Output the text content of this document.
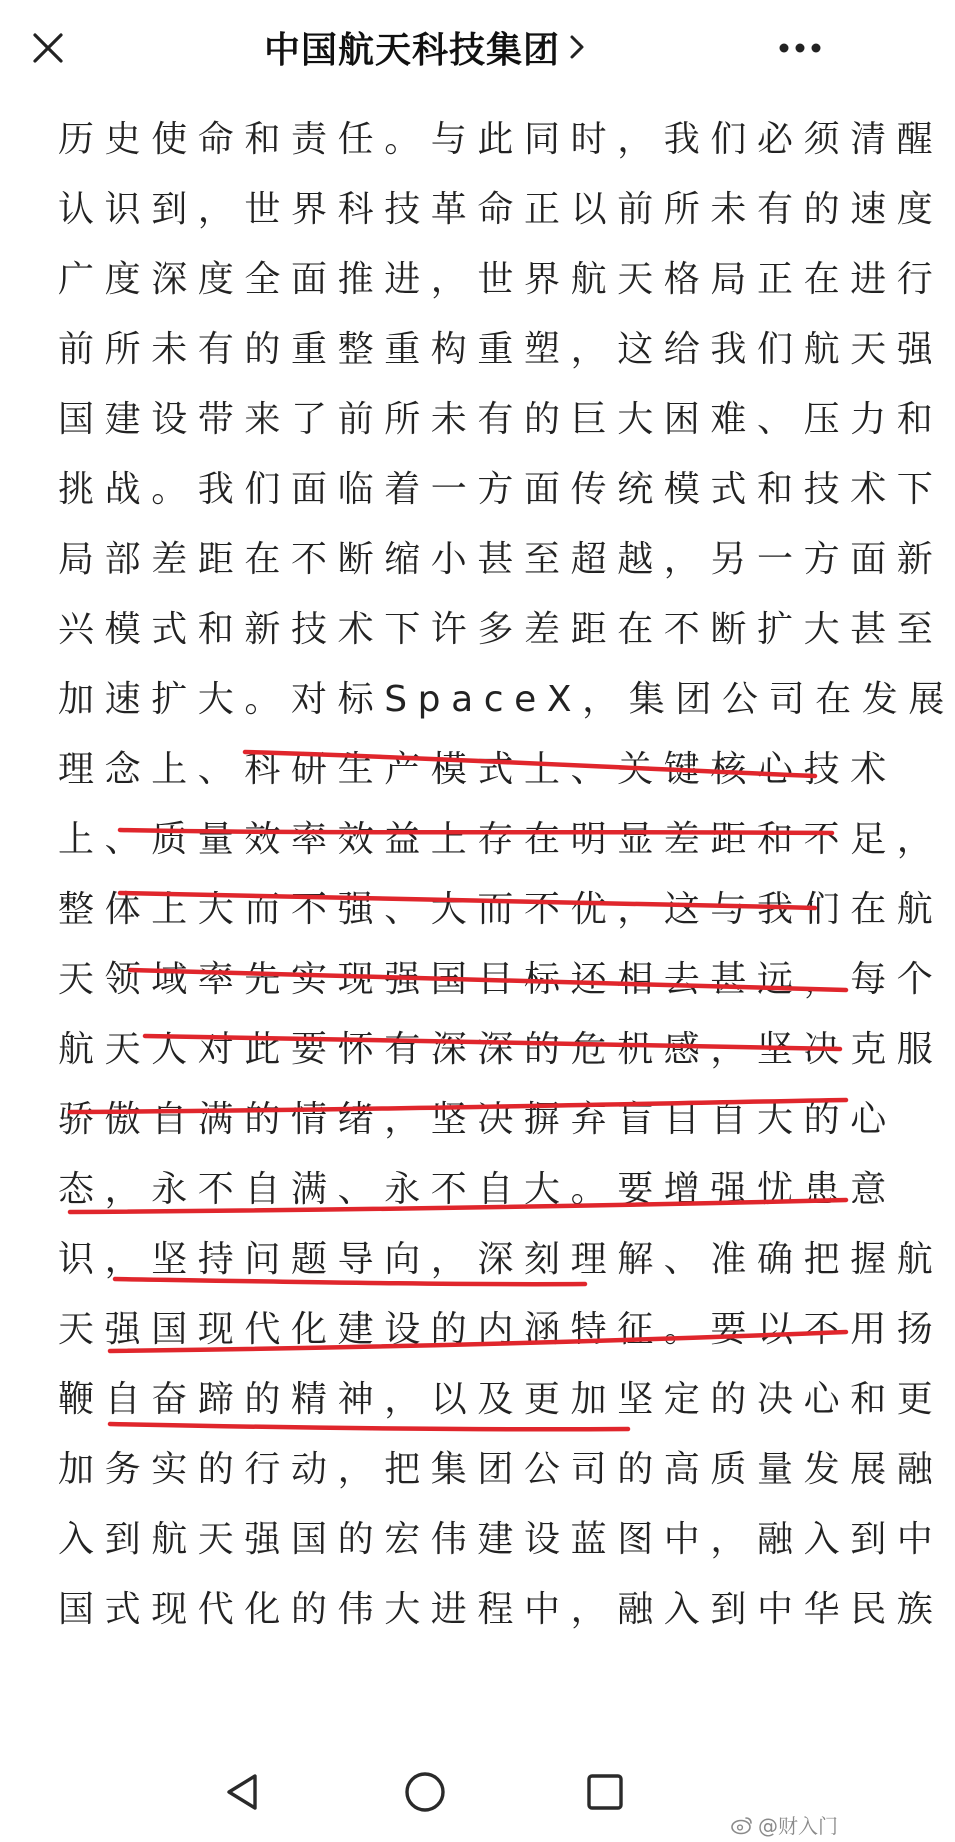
中国航天科技集团
历史使命和责任。与此同时，我们必须清醒
认识到，世界科技革命正以前所未有的速度
广度深度全面推进，世界航天格局正在进行
前所未有的重整重构重塑，这给我们航天强
国建设带来了前所未有的巨大困难、压力和
挑战。我们面临着一方面传统模式和技术下
局部差距在不断缩小甚至超越，另一方面新
兴模式和新技术下许多差距在不断扩大甚至
加速扩大。对标SpaceX，集团公司在发展
理念上、科研生产模式上、关键核心技术
上、质量效率效益上存在明显差距和不足，
整体上大而不强、大而不优，这与我们在航
天领域率先实现强国目标还相去甚远，每个
航天人对此要怀有深深的危机感，坚决克服
骄傲自满的情绪，坚决摒弃盲目自大的心
态，永不自满、永不自大。要增强忧患意
识，坚持问题导向，深刻理解、准确把握航
天强国现代化建设的内涵特征。要以不用扬
鞭自奋蹄的精神，以及更加坚定的决心和更
加务实的行动，把集团公司的高质量发展融
入到航天强国的宏伟建设蓝图中，融入到中
国式现代化的伟大进程中，融入到中华民族
@财入门
